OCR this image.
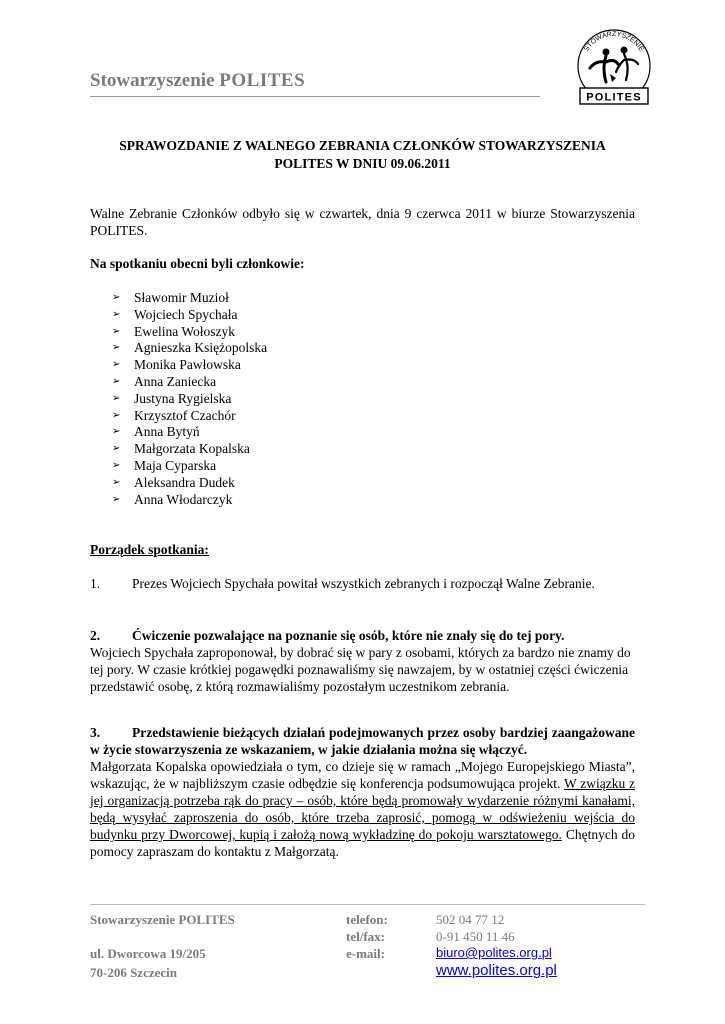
Stowarzyszenie POLITES
STOWARZYSZENIE
POLITES
SPRAWOZDANIE Z WALNEGO ZEBRANIA CZŁONKÓW STOWARZYSZENIA
POLITES W DNIU 09.06.2011
Walne Zebranie Członków odbyło się w czwartek, dnia 9 czerwca 2011 w biurze Stowarzyszenia POLITES.
Na spotkaniu obecni byli członkowie:
➢ Sławomir Muzioł
➢ Wojciech Spychała
➢ Ewelina Wołoszyk
➢ Agnieszka Księżopolska
➢ Monika Pawłowska
➢ Anna Zaniecka
➢ Justyna Rygielska
➢ Krzysztof Czachór
➢ Anna Bytyń
➢ Małgorzata Kopalska
➢ Maja Cyparska
➢ Aleksandra Dudek
➢ Anna Włodarczyk
Porządek spotkania:
1. Prezes Wojciech Spychała powitał wszystkich zebranych i rozpoczął Walne Zebranie.
2. Ćwiczenie pozwalające na poznanie się osób, które nie znały się do tej pory.
Wojciech Spychała zaproponował, by dobrać się w pary z osobami, których za bardzo nie znamy do tej pory. W czasie krótkiej pogawędki poznawaliśmy się nawzajem, by w ostatniej części ćwiczenia przedstawić osobę, z którą rozmawialiśmy pozostałym uczestnikom zebrania.
3. Przedstawienie bieżących działań podejmowanych przez osoby bardziej zaangażowane w życie stowarzyszenia ze wskazaniem, w jakie działania można się włączyć.
Małgorzata Kopalska opowiedziała o tym, co dzieje się w ramach „Mojego Europejskiego Miasta”, wskazując, że w najbliższym czasie odbędzie się konferencja podsumowująca projekt. W związku z jej organizacją potrzeba rąk do pracy – osób, które będą promowały wydarzenie różnymi kanałami, będą wysyłać zaproszenia do osób, które trzeba zaprosić, pomogą w odświeżeniu wejścia do budynku przy Dworcowej, kupią i założą nową wykładzinę do pokoju warsztatowego. Chętnych do pomocy zapraszam do kontaktu z Małgorzatą.
Stowarzyszenie POLITES
ul. Dworcowa 19/205
70-206 Szczecin
telefon:
tel/fax:
e-mail:
502 04 77 12
0-91 450 11 46
biuro@polites.org.pl
www.polites.org.pl
